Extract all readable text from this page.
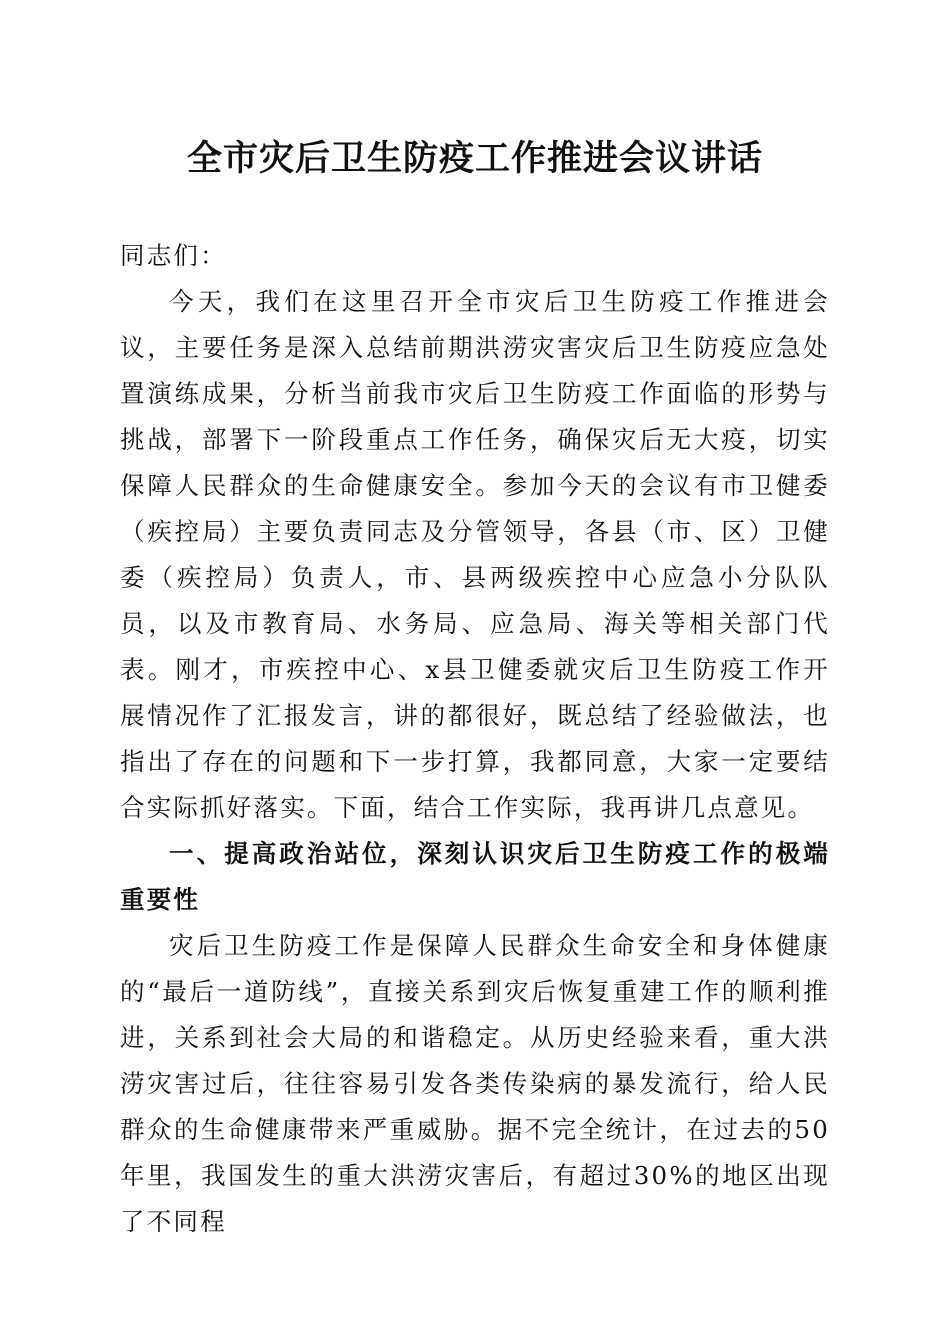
全市灾后卫生防疫工作推进会议讲话

同志们：

今天，我们在这里召开全市灾后卫生防疫工作推进会议，主要任务是深入总结前期洪涝灾害灾后卫生防疫应急处置演练成果，分析当前我市灾后卫生防疫工作面临的形势与挑战，部署下一阶段重点工作任务，确保灾后无大疫，切实保障人民群众的生命健康安全。参加今天的会议有市卫健委（疾控局）主要负责同志及分管领导，各县（市、区）卫健委（疾控局）负责人，市、县两级疾控中心应急小分队队员，以及市教育局、水务局、应急局、海关等相关部门代表。刚才，市疾控中心、x县卫健委就灾后卫生防疫工作开展情况作了汇报发言，讲的都很好，既总结了经验做法，也指出了存在的问题和下一步打算，我都同意，大家一定要结合实际抓好落实。下面，结合工作实际，我再讲几点意见。

一、提高政治站位，深刻认识灾后卫生防疫工作的极端重要性

灾后卫生防疫工作是保障人民群众生命安全和身体健康的“最后一道防线”，直接关系到灾后恢复重建工作的顺利推进，关系到社会大局的和谐稳定。从历史经验来看，重大洪涝灾害过后，往往容易引发各类传染病的暴发流行，给人民群众的生命健康带来严重威胁。据不完全统计，在过去的50年里，我国发生的重大洪涝灾害后，有超过30%的地区出现了不同程
